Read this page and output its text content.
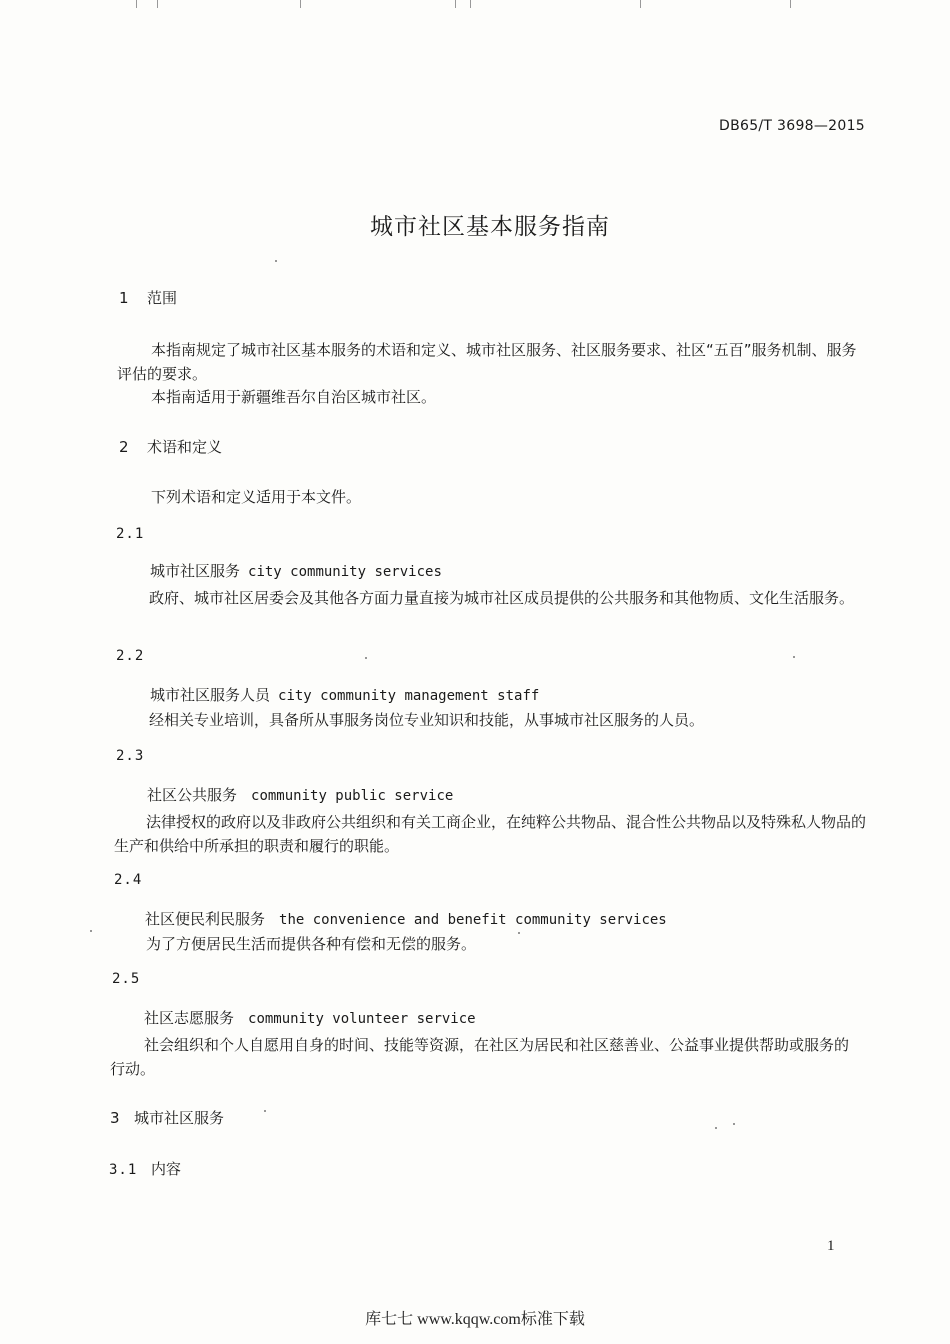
DB65/T 3698—2015
城市社区基本服务指南
1 范围
本指南规定了城市社区基本服务的术语和定义、城市社区服务、社区服务要求、社区“五百”服务机制、服务评估的要求。
本指南适用于新疆维吾尔自治区城市社区。
2 术语和定义
下列术语和定义适用于本文件。
2.1
城市社区服务 city community services
政府、城市社区居委会及其他各方面力量直接为城市社区成员提供的公共服务和其他物质、文化生活服务。
2.2
城市社区服务人员 city community management staff
经相关专业培训，具备所从事服务岗位专业知识和技能，从事城市社区服务的人员。
2.3
社区公共服务 community public service
法律授权的政府以及非政府公共组织和有关工商企业，在纯粹公共物品、混合性公共物品以及特殊私人物品的生产和供给中所承担的职责和履行的职能。
2.4
社区便民利民服务 the convenience and benefit community services
为了方便居民生活而提供各种有偿和无偿的服务。
2.5
社区志愿服务 community volunteer service
社会组织和个人自愿用自身的时间、技能等资源，在社区为居民和社区慈善业、公益事业提供帮助或服务的行动。
3 城市社区服务
3.1 内容
1
库七七 www.kqqw.com标准下载
